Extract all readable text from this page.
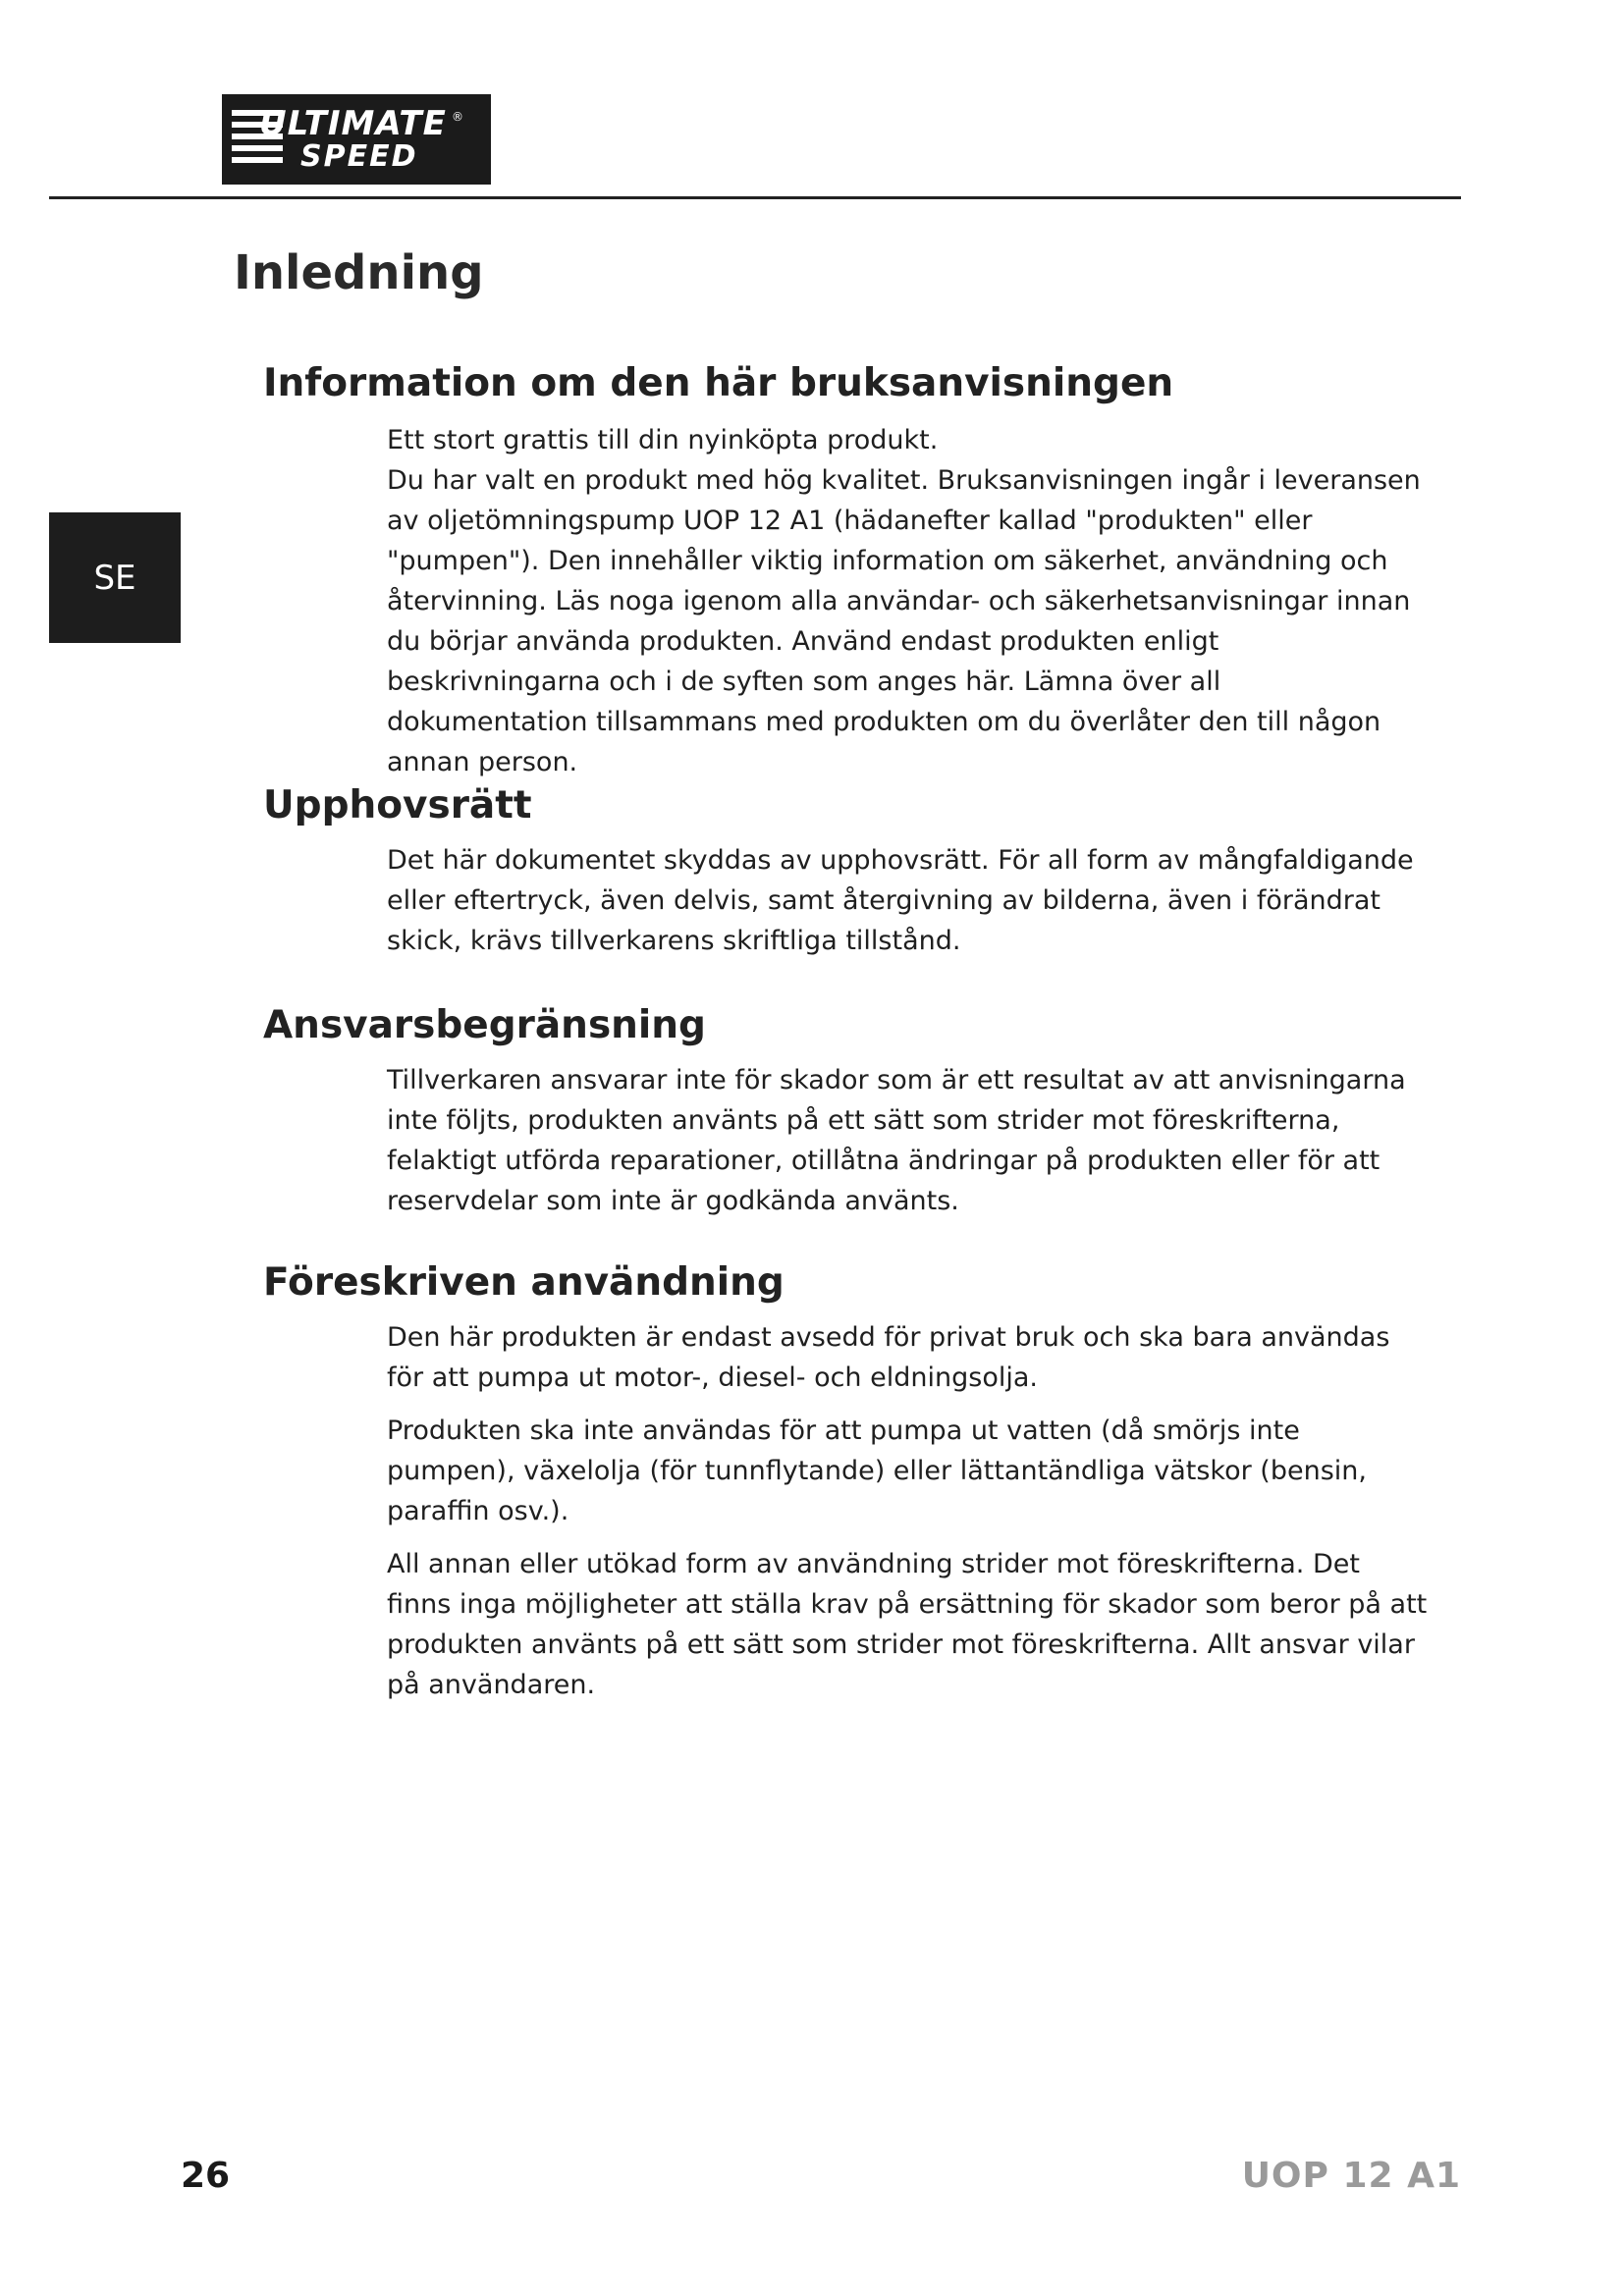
ULTIMATE ®
SPEED
SE
Inledning
Information om den här bruksanvisningen

Ett stort grattis till din nyinköpta produkt.
Du har valt en produkt med hög kvalitet. Bruksanvisningen ingår i leveransen av oljetömningspump UOP 12 A1 (hädanefter kallad "produkten" eller "pumpen"). Den innehåller viktig information om säkerhet, användning och återvinning. Läs noga igenom alla användar- och säkerhetsanvisningar innan du börjar använda produkten. Använd endast produkten enligt beskrivningarna och i de syften som anges här. Lämna över all dokumentation tillsammans med produkten om du överlåter den till någon annan person.

Upphovsrätt

Det här dokumentet skyddas av upphovsrätt. För all form av mångfaldigande eller eftertryck, även delvis, samt återgivning av bilderna, även i förändrat skick, krävs tillverkarens skriftliga tillstånd.

Ansvarsbegränsning

Tillverkaren ansvarar inte för skador som är ett resultat av att anvisningarna inte följts, produkten använts på ett sätt som strider mot föreskrifterna, felaktigt utförda reparationer, otillåtna ändringar på produkten eller för att reservdelar som inte är godkända använts.

Föreskriven användning

Den här produkten är endast avsedd för privat bruk och ska bara användas för att pumpa ut motor-, diesel- och eldningsolja.

Produkten ska inte användas för att pumpa ut vatten (då smörjs inte pumpen), växelolja (för tunnflytande) eller lättantändliga vätskor (bensin, paraffin osv.).

All annan eller utökad form av användning strider mot föreskrifterna. Det finns inga möjligheter att ställa krav på ersättning för skador som beror på att produkten använts på ett sätt som strider mot föreskrifterna. Allt ansvar vilar på användaren.

26	UOP 12 A1
